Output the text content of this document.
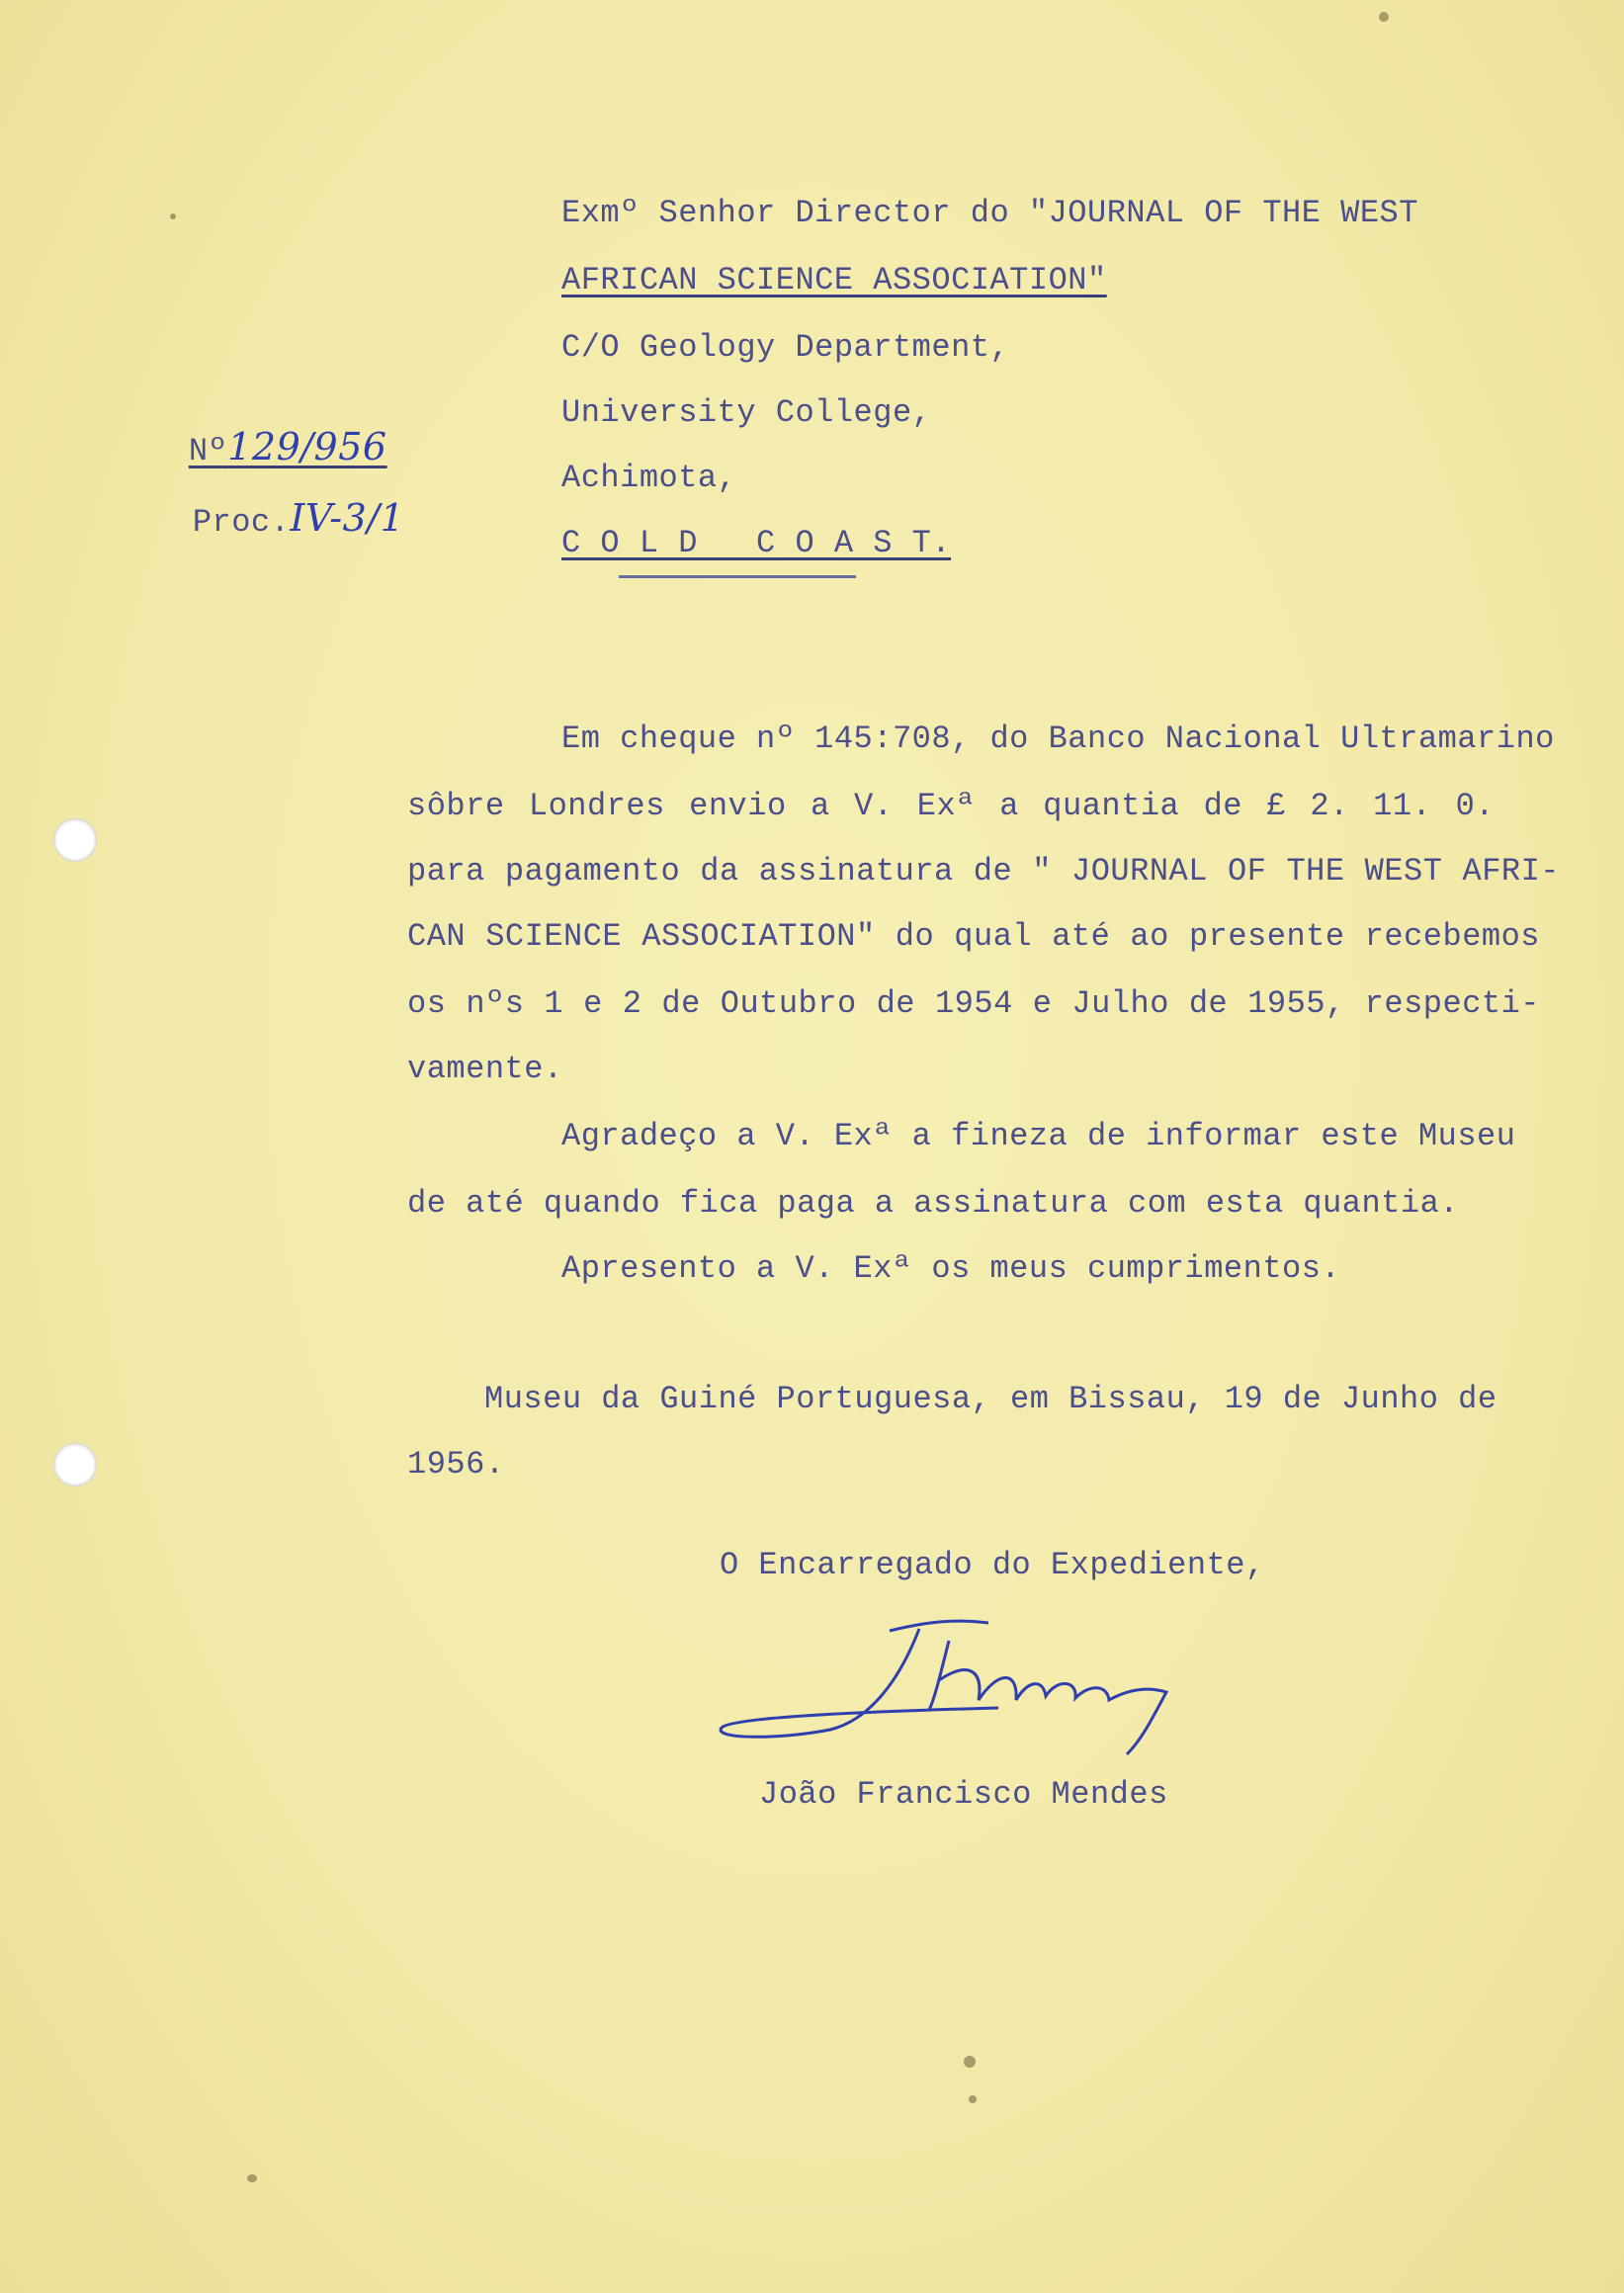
Nº129/956

Proc.IV-3/1

Exmº Senhor Director do "JOURNAL OF THE WEST
AFRICAN SCIENCE ASSOCIATION"
C/O Geology Department,
University College,
Achimota,
C O L D   C O A S T.
Em cheque nº 145:708, do Banco Nacional Ultramarino
sôbre Londres envio a V. Exª a quantia de £ 2. 11. 0.
para pagamento da assinatura de " JOURNAL OF THE WEST AFRI-
CAN SCIENCE ASSOCIATION" do qual até ao presente recebemos
os nºs 1 e 2 de Outubro de 1954 e Julho de 1955, respecti-
vamente.
Agradeço a V. Exª a fineza de informar este Museu
de até quando fica paga a assinatura com esta quantia.
Apresento a V. Exª os meus cumprimentos.
Museu da Guiné Portuguesa, em Bissau, 19 de Junho de
1956.
O Encarregado do Expediente,
João Francisco Mendes
